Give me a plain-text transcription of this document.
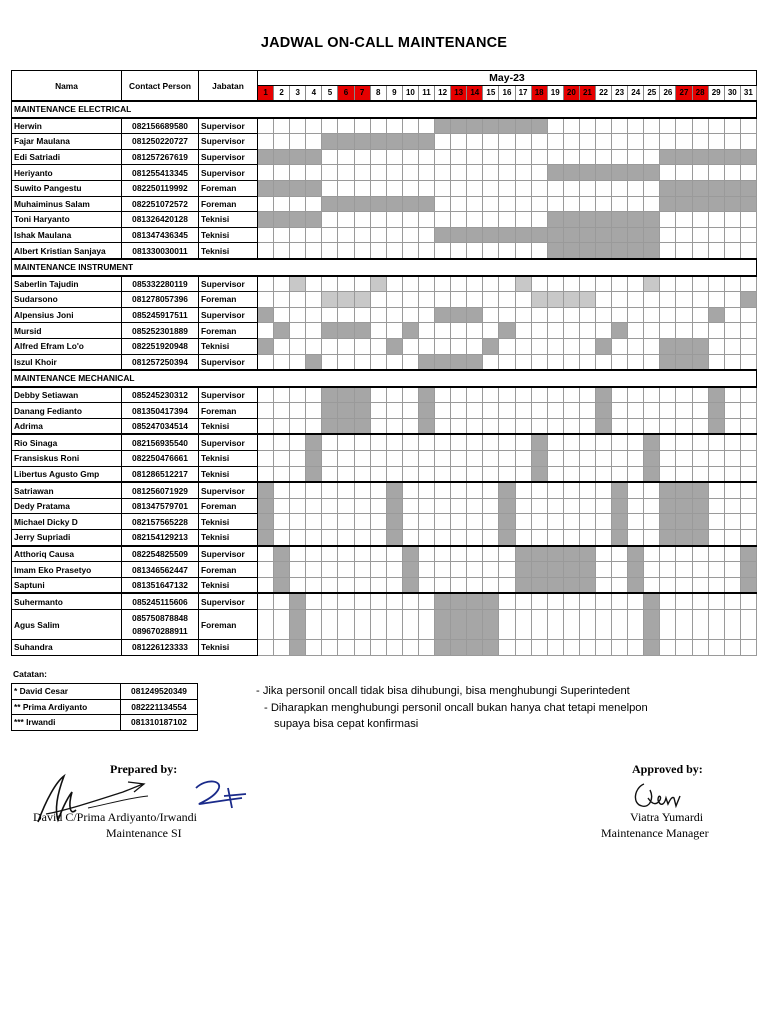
JADWAL ON-CALL MAINTENANCE
Nama	Contact Person	Jabatan	May-23																														
			1	2	3	4	5	6	7	8	9	10	11	12	13	14	15	16	17	18	19	20	21	22	23	24	25	26	27	28	29	30	31
MAINTENANCE ELECTRICAL																																	
Herwin	082156689580	Supervisor																															
Fajar Maulana	081250220727	Supervisor																															
Edi Satriadi	081257267619	Supervisor																															
Heriyanto	081255413345	Supervisor																															
Suwito Pangestu	082250119992	Foreman																															
Muhaiminus Salam	082251072572	Foreman																															
Toni Haryanto	081326420128	Teknisi																															
Ishak Maulana	081347436345	Teknisi																															
Albert Kristian Sanjaya	081330030011	Teknisi																															
MAINTENANCE INSTRUMENT																																	
Saberlin Tajudin	085332280119	Supervisor																															
Sudarsono	081278057396	Foreman																															
Alpensius Joni	085245917511	Supervisor																															
Mursid	085252301889	Foreman																															
Alfred Efram Lo'o	082251920948	Teknisi																															
Iszul Khoir	081257250394	Supervisor																															
MAINTENANCE MECHANICAL																																	
Debby Setiawan	085245230312	Supervisor																															
Danang Fedianto	081350417394	Foreman																															
Adrima	085247034514	Teknisi																															
Rio Sinaga	082156935540	Supervisor																															
Fransiskus Roni	082250476661	Teknisi																															
Libertus Agusto Gmp	081286512217	Teknisi																															
Satriawan	081256071929	Supervisor																															
Dedy Pratama	081347579701	Foreman																															
Michael Dicky D	082157565228	Teknisi																															
Jerry Supriadi	082154129213	Teknisi																															
Atthoriq Causa	082254825509	Supervisor																															
Imam Eko Prasetyo	081346562447	Foreman																															
Saptuni	081351647132	Teknisi																															
Suhermanto	085245115606	Supervisor																															
Agus Salim	085750878848
089670288911	Foreman																															
Suhandra	081226123333	Teknisi																															
Catatan:
* David Cesar	081249520349
** Prima Ardiyanto	082221134554
*** Irwandi	081310187102
- Jika personil oncall tidak bisa dihubungi, bisa menghubungi Superintedent
- Diharapkan menghubungi personil oncall bukan hanya chat tetapi menelpon
supaya bisa cepat konfirmasi
Prepared by:
David C/Prima Ardiyanto/Irwandi
Maintenance SI
Approved by:
Viatra Yumardi
Maintenance Manager
